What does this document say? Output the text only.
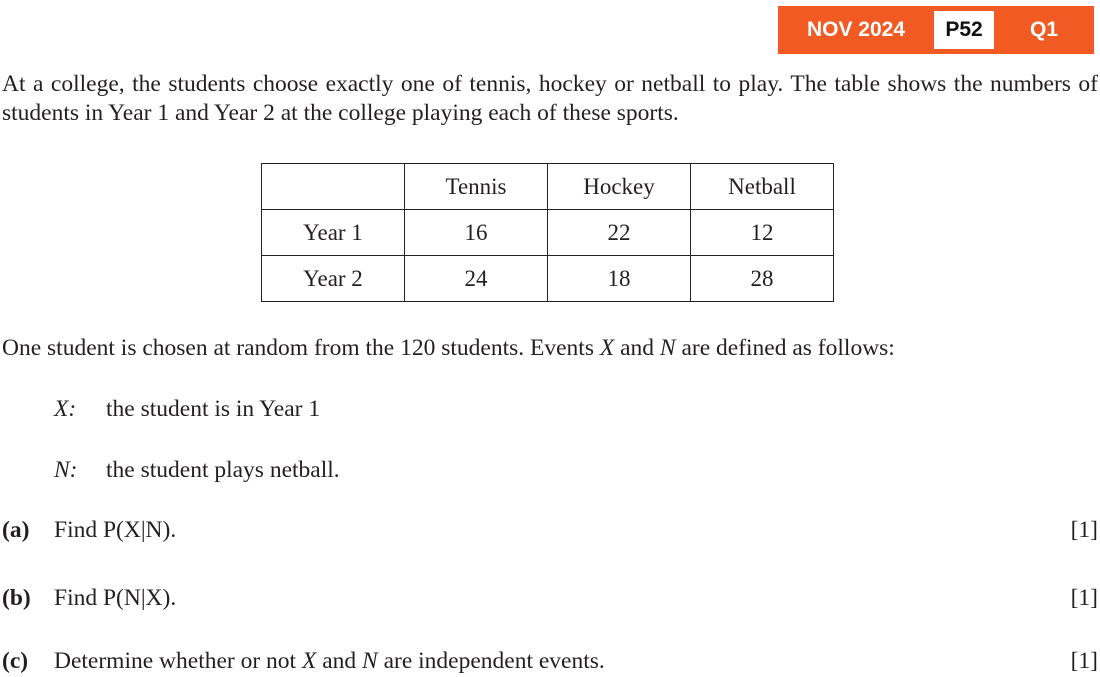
NOV 2024	P52	Q1

At a college, the students choose exactly one of tennis, hockey or netball to play. The table shows the numbers of students in Year 1 and Year 2 at the college playing each of these sports.

	Tennis	Hockey	Netball
Year 1	16	22	12
Year 2	24	18	28

One student is chosen at random from the 120 students. Events X and N are defined as follows:

X: the student is in Year 1
N: the student plays netball.
(a)	Find P(X|N).	[1]
(b) Find P(N|X).	[1]
(c)	Determine whether or not X and N are independent events.	[1]
